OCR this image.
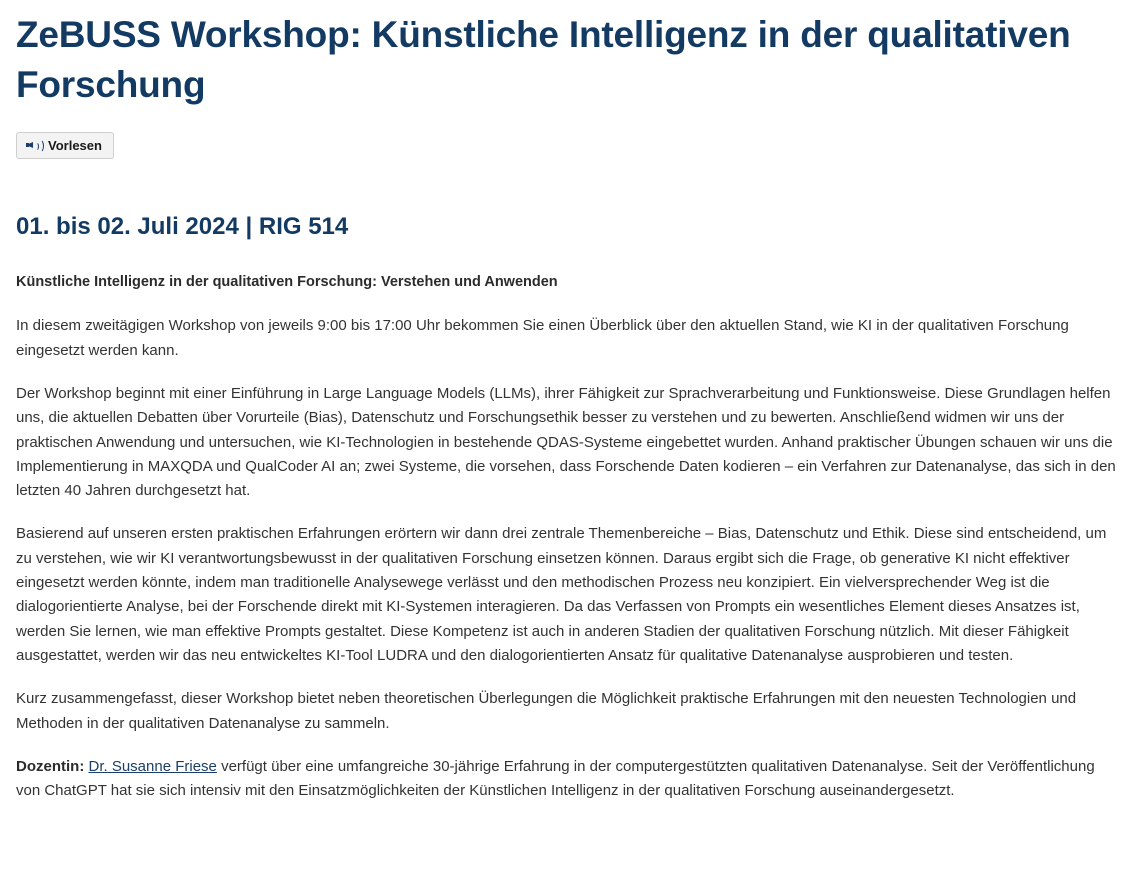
ZeBUSS Workshop: Künstliche Intelligenz in der qualitativen Forschung
Vorlesen
01. bis 02. Juli 2024 | RIG 514
Künstliche Intelligenz in der qualitativen Forschung: Verstehen und Anwenden

In diesem zweitägigen Workshop von jeweils 9:00 bis 17:00 Uhr bekommen Sie einen Überblick über den aktuellen Stand, wie KI in der qualitativen Forschung eingesetzt werden kann.

Der Workshop beginnt mit einer Einführung in Large Language Models (LLMs), ihrer Fähigkeit zur Sprachverarbeitung und Funktionsweise. Diese Grundlagen helfen uns, die aktuellen Debatten über Vorurteile (Bias), Datenschutz und Forschungsethik besser zu verstehen und zu bewerten. Anschließend widmen wir uns der praktischen Anwendung und untersuchen, wie KI-Technologien in bestehende QDAS-Systeme eingebettet wurden. Anhand praktischer Übungen schauen wir uns die Implementierung in MAXQDA und QualCoder AI an; zwei Systeme, die vorsehen, dass Forschende Daten kodieren – ein Verfahren zur Datenanalyse, das sich in den letzten 40 Jahren durchgesetzt hat.

Basierend auf unseren ersten praktischen Erfahrungen erörtern wir dann drei zentrale Themenbereiche – Bias, Datenschutz und Ethik. Diese sind entscheidend, um zu verstehen, wie wir KI verantwortungsbewusst in der qualitativen Forschung einsetzen können. Daraus ergibt sich die Frage, ob generative KI nicht effektiver eingesetzt werden könnte, indem man traditionelle Analysewege verlässt und den methodischen Prozess neu konzipiert. Ein vielversprechender Weg ist die dialogorientierte Analyse, bei der Forschende direkt mit KI-Systemen interagieren. Da das Verfassen von Prompts ein wesentliches Element dieses Ansatzes ist, werden Sie lernen, wie man effektive Prompts gestaltet. Diese Kompetenz ist auch in anderen Stadien der qualitativen Forschung nützlich. Mit dieser Fähigkeit ausgestattet, werden wir das neu entwickeltes KI-Tool LUDRA und den dialogorientierten Ansatz für qualitative Datenanalyse ausprobieren und testen.

Kurz zusammengefasst, dieser Workshop bietet neben theoretischen Überlegungen die Möglichkeit praktische Erfahrungen mit den neuesten Technologien und Methoden in der qualitativen Datenanalyse zu sammeln.

Dozentin: Dr. Susanne Friese verfügt über eine umfangreiche 30-jährige Erfahrung in der computergestützten qualitativen Datenanalyse. Seit der Veröffentlichung von ChatGPT hat sie sich intensiv mit den Einsatzmöglichkeiten der Künstlichen Intelligenz in der qualitativen Forschung auseinandergesetzt.
